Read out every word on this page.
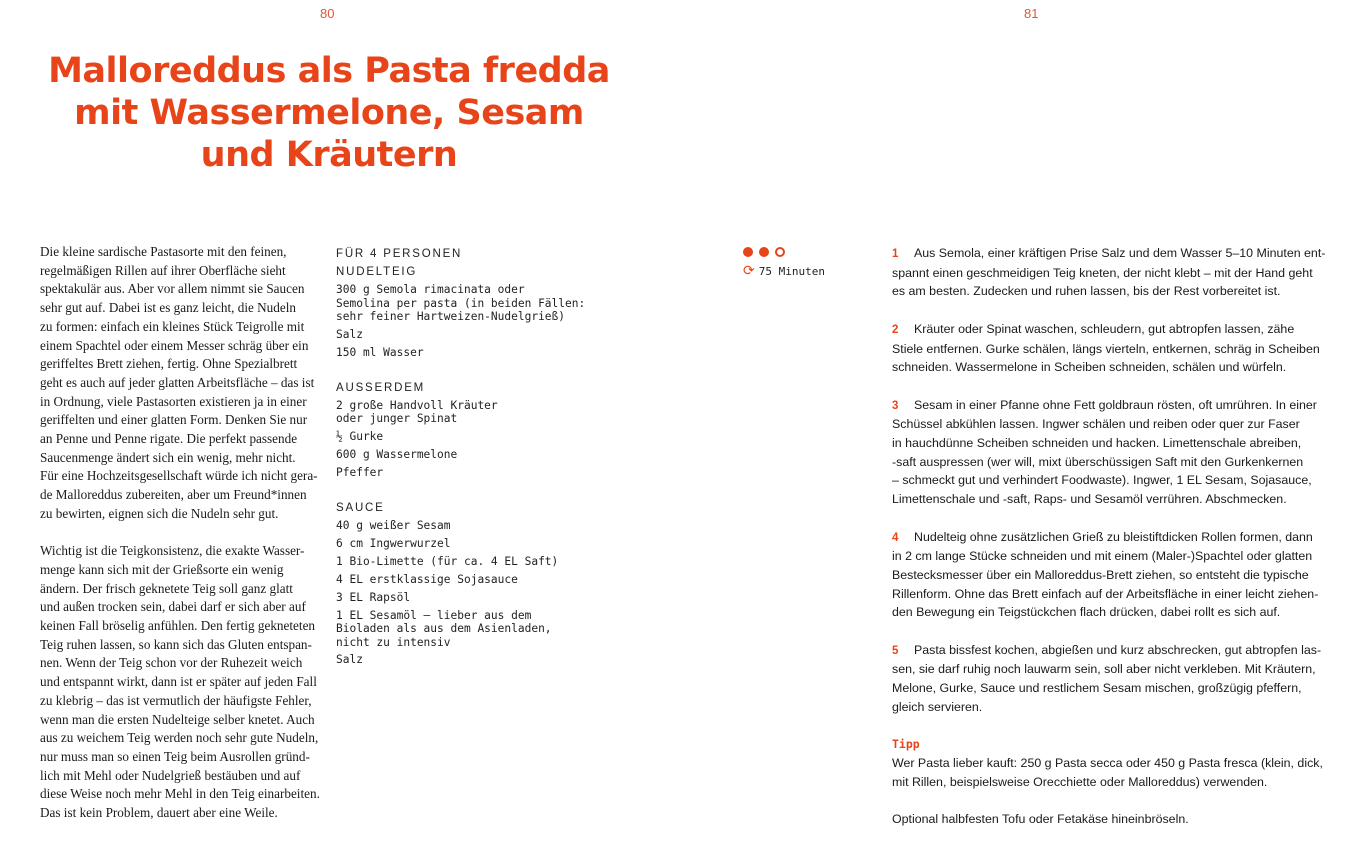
80	81
Malloreddus als Pasta fredda
mit Wassermelone, Sesam
und Kräutern

Die kleine sardische Pastasorte mit den feinen,
regelmäßigen Rillen auf ihrer Oberfläche sieht
spektakulär aus. Aber vor allem nimmt sie Saucen
sehr gut auf. Dabei ist es ganz leicht, die Nudeln
zu formen: einfach ein kleines Stück Teigrolle mit
einem Spachtel oder einem Messer schräg über ein
geriffeltes Brett ziehen, fertig. Ohne Spezialbrett
geht es auch auf jeder glatten Arbeitsfläche – das ist
in Ordnung, viele Pastasorten existieren ja in einer
geriffelten und einer glatten Form. Denken Sie nur
an Penne und Penne rigate. Die perfekt passende
Saucenmenge ändert sich ein wenig, mehr nicht.
Für eine Hochzeitsgesellschaft würde ich nicht gera-
de Malloreddus zubereiten, aber um Freund*innen
zu bewirten, eignen sich die Nudeln sehr gut.

Wichtig ist die Teigkonsistenz, die exakte Wasser-
menge kann sich mit der Grießsorte ein wenig
ändern. Der frisch geknetete Teig soll ganz glatt
und außen trocken sein, dabei darf er sich aber auf
keinen Fall bröselig anfühlen. Den fertig gekneteten
Teig ruhen lassen, so kann sich das Gluten entspan-
nen. Wenn der Teig schon vor der Ruhezeit weich
und entspannt wirkt, dann ist er später auf jeden Fall
zu klebrig – das ist vermutlich der häufigste Fehler,
wenn man die ersten Nudelteige selber knetet. Auch
aus zu weichem Teig werden noch sehr gute Nudeln,
nur muss man so einen Teig beim Ausrollen gründ-
lich mit Mehl oder Nudelgrieß bestäuben und auf
diese Weise noch mehr Mehl in den Teig einarbeiten.
Das ist kein Problem, dauert aber eine Weile.

FÜR 4 PERSONEN
NUDELTEIG
300 g Semola rimacinata oder
Semolina per pasta (in beiden Fällen:
sehr feiner Hartweizen-Nudelgrieß)
Salz
150 ml Wasser
AUSSERDEM
2 große Handvoll Kräuter
oder junger Spinat
½ Gurke
600 g Wassermelone
Pfeffer
SAUCE
40 g weißer Sesam
6 cm Ingwerwurzel
1 Bio-Limette (für ca. 4 EL Saft)
4 EL erstklassige Sojasauce
3 EL Rapsöl
1 EL Sesamöl – lieber aus dem
Bioladen als aus dem Asienladen,
nicht zu intensiv
Salz
⟳ 75 Minuten
1 Aus Semola, einer kräftigen Prise Salz und dem Wasser 5–10 Minuten ent-
spannt einen geschmeidigen Teig kneten, der nicht klebt – mit der Hand geht
es am besten. Zudecken und ruhen lassen, bis der Rest vorbereitet ist.
2 Kräuter oder Spinat waschen, schleudern, gut abtropfen lassen, zähe
Stiele entfernen. Gurke schälen, längs vierteln, entkernen, schräg in Scheiben
schneiden. Wassermelone in Scheiben schneiden, schälen und würfeln.
3 Sesam in einer Pfanne ohne Fett goldbraun rösten, oft umrühren. In einer
Schüssel abkühlen lassen. Ingwer schälen und reiben oder quer zur Faser
in hauchdünne Scheiben schneiden und hacken. Limettenschale abreiben,
-saft auspressen (wer will, mixt überschüssigen Saft mit den Gurkenkernen
– schmeckt gut und verhindert Foodwaste). Ingwer, 1 EL Sesam, Sojasauce,
Limettenschale und -saft, Raps- und Sesamöl verrühren. Abschmecken.
4 Nudelteig ohne zusätzlichen Grieß zu bleistiftdicken Rollen formen, dann
in 2 cm lange Stücke schneiden und mit einem (Maler-)Spachtel oder glatten
Bestecksmesser über ein Malloreddus-Brett ziehen, so entsteht die typische
Rillenform. Ohne das Brett einfach auf der Arbeitsfläche in einer leicht ziehen-
den Bewegung ein Teigstückchen flach drücken, dabei rollt es sich auf.
5 Pasta bissfest kochen, abgießen und kurz abschrecken, gut abtropfen las-
sen, sie darf ruhig noch lauwarm sein, soll aber nicht verkleben. Mit Kräutern,
Melone, Gurke, Sauce und restlichem Sesam mischen, großzügig pfeffern,
gleich servieren.
Tipp
Wer Pasta lieber kauft: 250 g Pasta secca oder 450 g Pasta fresca (klein, dick,
mit Rillen, beispielsweise Orecchiette oder Malloreddus) verwenden.
Optional halbfesten Tofu oder Fetakäse hineinbröseln.
